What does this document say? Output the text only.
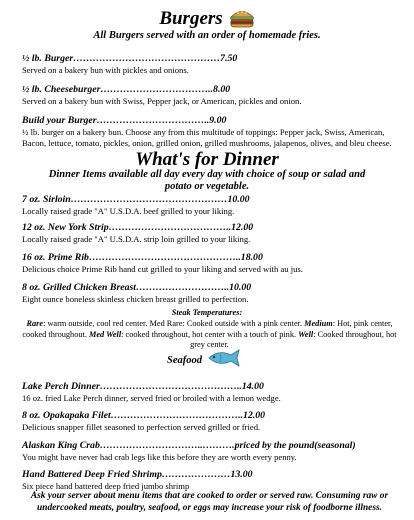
Burgers
All Burgers served with an order of homemade fries.
½ lb. Burger………………………………………7.50
Served on a bakery bun with pickles and onions.
½ lb. Cheeseburger……………………………..8.00
Served on a bakery bun with Swiss, Pepper jack, or American, pickles and onion.
Build your Burger……………………………..9.00
½ lb. burger on a bakery bun. Choose any from this multitude of toppings: Pepper jack, Swiss, American, Bacon, lettuce, tomato, pickles, onion, grilled onion, grilled mushrooms, jalapenos, olives, and bleu cheese.
What's for Dinner
Dinner Items available all day every day with choice of soup or salad and potato or vegetable.
7 oz. Sirloin…………………………………………10.00
Locally raised grade "A" U.S.D.A. beef grilled to your liking.
12 oz. New York Strip………………………………..12.00
Locally raised grade "A" U.S.D.A. strip loin grilled to your liking.
16 oz. Prime Rib………………………………………..18.00
Delicious choice Prime Rib hand cut grilled to your liking and served with au jus.
8 oz. Grilled Chicken Breast………………………..10.00
Eight ounce boneless skinless chicken breast grilled to perfection.
Steak Temperatures:
Rare: warm outside, cool red center. Med Rare: Cooked outside with a pink center. Medium: Hot, pink center, cooked throughout. Med Well: cooked throughout, hot center with a touch of pink. Well: Cooked throughout, hot grey center.
Seafood
Lake Perch Dinner……………………………………..14.00
16 oz. fried Lake Perch dinner, served fried or broiled with a lemon wedge.
8 oz. Opakapaka Filet…………………………………..12.00
Delicious snapper fillet seasoned to perfection served grilled or fried.
Alaskan King Crab…………………………..……….priced by the pound(seasonal)
You might have never had crab legs like this before they are worth every penny.
Hand Battered Deep Fried Shrimp…………………13.00
Six piece hand battered deep fried jumbo shrimp
Ask your server about menu items that are cooked to order or served raw. Consuming raw or undercooked meats, poultry, seafood, or eggs may increase your risk of foodborne illness.
